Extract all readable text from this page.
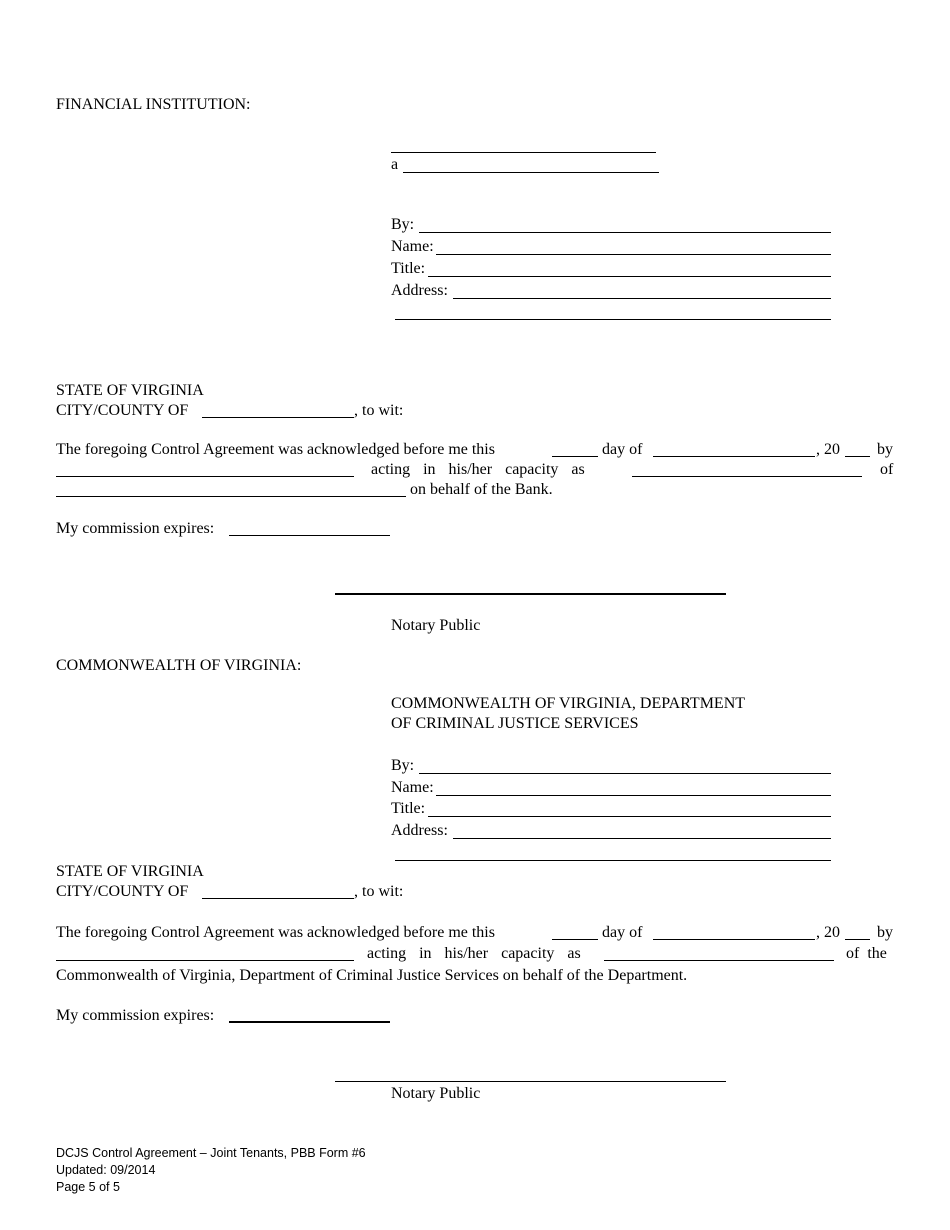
FINANCIAL INSTITUTION:
a
By:
Name:
Title:
Address:
STATE OF VIRGINIA
CITY/COUNTY OF	, to wit:
The foregoing Control Agreement was acknowledged before me this	day of	, 20 by
acting in his/her capacity as	of
on behalf of the Bank.
My commission expires:
Notary Public
COMMONWEALTH OF VIRGINIA:
COMMONWEALTH OF VIRGINIA, DEPARTMENT
OF CRIMINAL JUSTICE SERVICES
By:
Name:
Title:
Address:
STATE OF VIRGINIA
CITY/COUNTY OF	, to wit:
The foregoing Control Agreement was acknowledged before me this	day of	, 20 by
acting in his/her capacity as	of the
Commonwealth of Virginia, Department of Criminal Justice Services on behalf of the Department.
My commission expires:
Notary Public
DCJS Control Agreement – Joint Tenants, PBB Form #6
Updated: 09/2014
Page 5 of 5
